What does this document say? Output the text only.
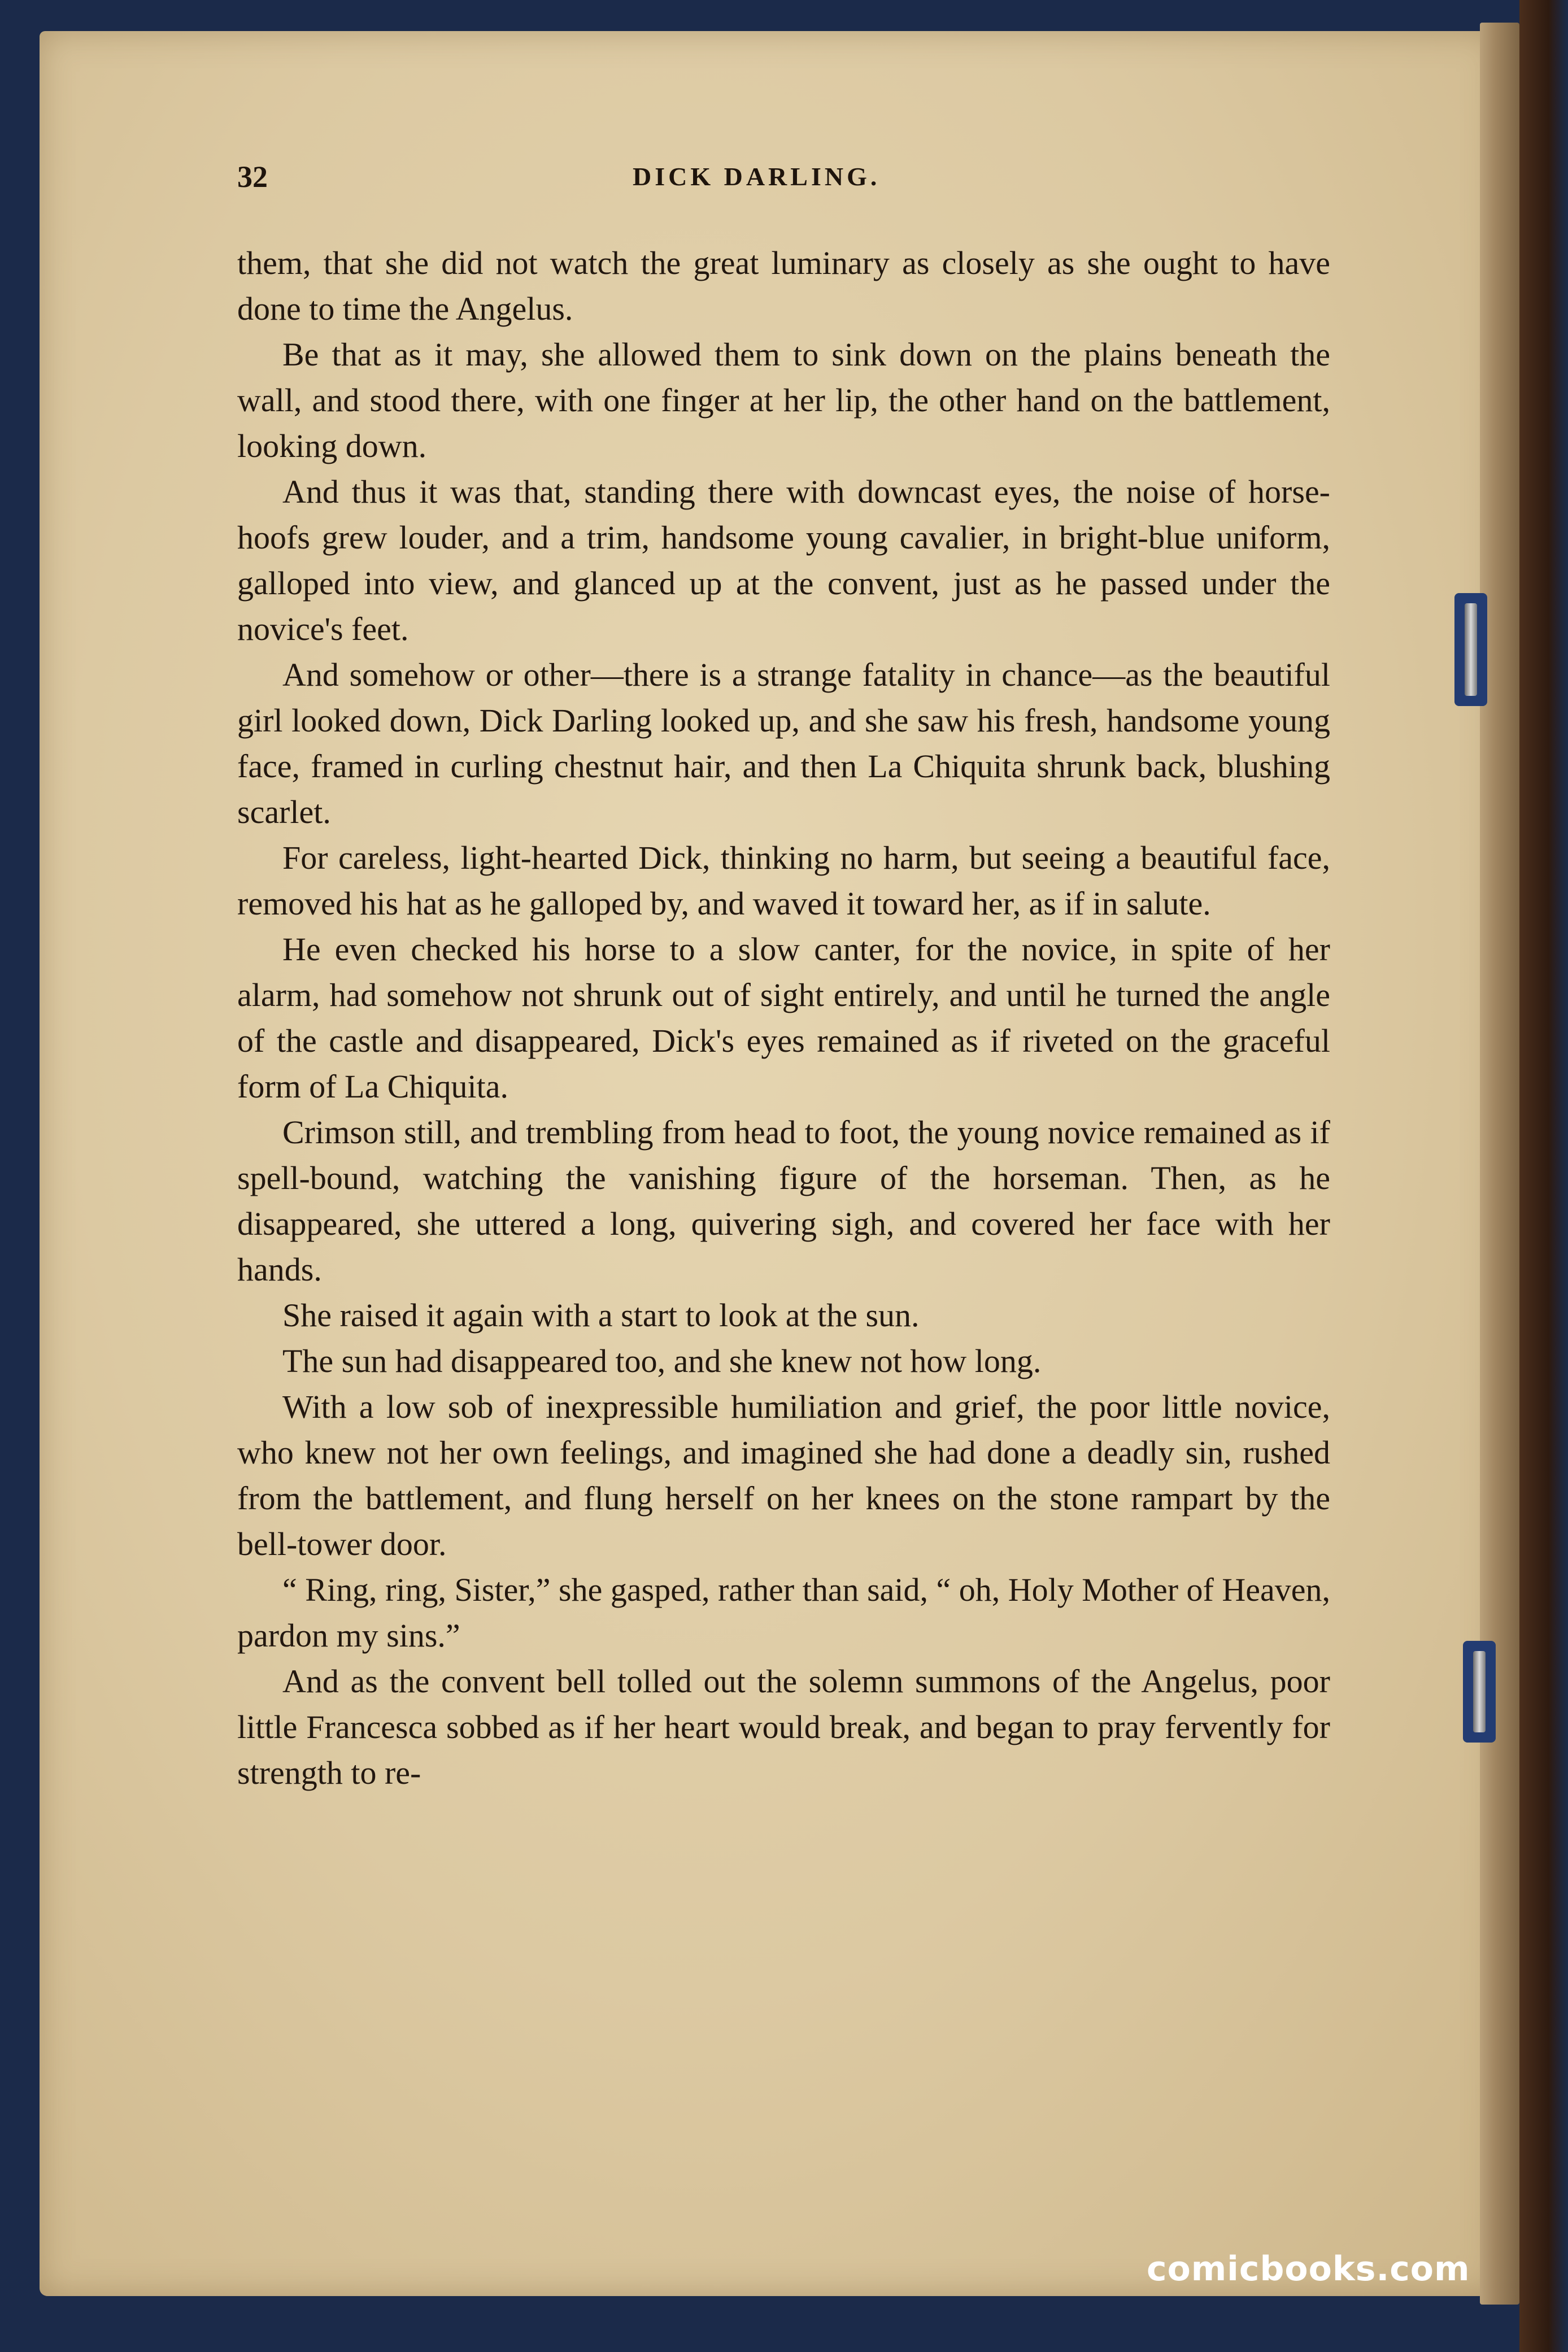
32	DICK DARLING.

them, that she did not watch the great luminary as closely as she ought to have done to time the Angelus.

Be that as it may, she allowed them to sink down on the plains beneath the wall, and stood there, with one finger at her lip, the other hand on the battlement, looking down.

And thus it was that, standing there with downcast eyes, the noise of horse-hoofs grew louder, and a trim, handsome young cavalier, in bright-blue uniform, galloped into view, and glanced up at the convent, just as he passed under the novice's feet.

And somehow or other—there is a strange fatality in chance—as the beautiful girl looked down, Dick Darling looked up, and she saw his fresh, handsome young face, framed in curling chestnut hair, and then La Chiquita shrunk back, blushing scarlet.

For careless, light-hearted Dick, thinking no harm, but seeing a beautiful face, removed his hat as he galloped by, and waved it toward her, as if in salute.

He even checked his horse to a slow canter, for the novice, in spite of her alarm, had somehow not shrunk out of sight entirely, and until he turned the angle of the castle and disappeared, Dick's eyes remained as if riveted on the graceful form of La Chiquita.

Crimson still, and trembling from head to foot, the young novice remained as if spell-bound, watching the vanishing figure of the horseman. Then, as he disappeared, she uttered a long, quivering sigh, and covered her face with her hands.

She raised it again with a start to look at the sun.

The sun had disappeared too, and she knew not how long.

With a low sob of inexpressible humiliation and grief, the poor little novice, who knew not her own feelings, and imagined she had done a deadly sin, rushed from the battlement, and flung herself on her knees on the stone rampart by the bell-tower door.

“ Ring, ring, Sister,” she gasped, rather than said, “ oh, Holy Mother of Heaven, pardon my sins.”

And as the convent bell tolled out the solemn summons of the Angelus, poor little Francesca sobbed as if her heart would break, and began to pray fervently for strength to re-

comicbooks.com
